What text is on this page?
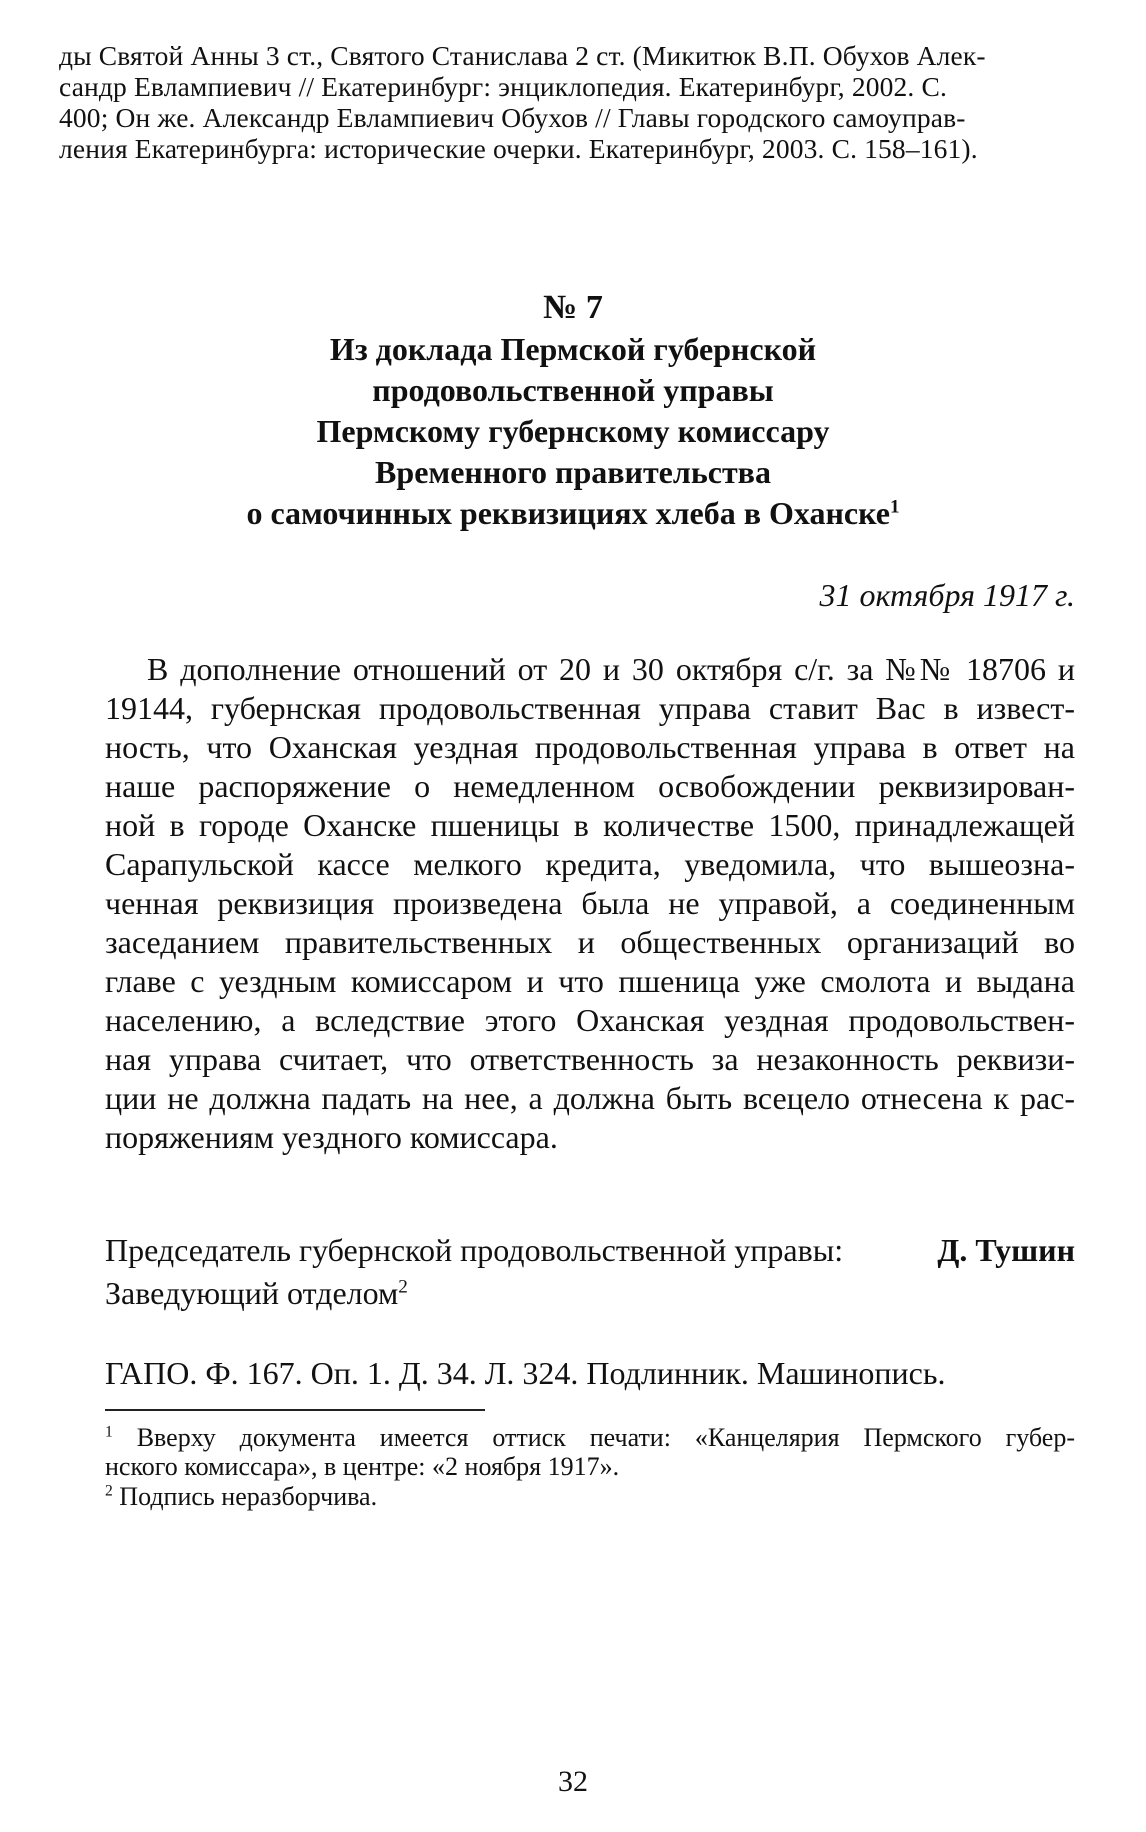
ды Святой Анны 3 ст., Святого Станислава 2 ст. (Микитюк В.П. Обухов Алек-
сандр Евлампиевич // Екатеринбург: энциклопедия. Екатеринбург, 2002. С.
400; Он же. Александр Евлампиевич Обухов // Главы городского самоуправ-
ления Екатеринбурга: исторические очерки. Екатеринбург, 2003. С. 158–161).
№ 7
Из доклада Пермской губернской
продовольственной управы
Пермскому губернскому комиссару
Временного правительства
о самочинных реквизициях хлеба в Оханске$^1$
31 октября 1917 г.
В дополнение отношений от 20 и 30 октября с/г. за №№ 18706 и
19144, губернская продовольственная управа ставит Вас в извест-
ность, что Оханская уездная продовольственная управа в ответ на
наше распоряжение о немедленном освобождении реквизирован-
ной в городе Оханске пшеницы в количестве 1500, принадлежащей
Сарапульской кассе мелкого кредита, уведомила, что вышеозна-
ченная реквизиция произведена была не управой, а соединенным
заседанием правительственных и общественных организаций во
главе с уездным комиссаром и что пшеница уже смолота и выдана
населению, а вследствие этого Оханская уездная продовольствен-
ная управа считает, что ответственность за незаконность реквизи-
ции не должна падать на нее, а должна быть всецело отнесена к рас-
поряжениям уездного комиссара.
Председатель губернской продовольственной управы:	Д. Тушин
Заведующий отделом$^2$
ГАПО. Ф. 167. Оп. 1. Д. 34. Л. 324. Подлинник. Машинопись.
$^1$ Вверху документа имеется оттиск печати: «Канцелярия Пермского губер-
нского комиссара», в центре: «2 ноября 1917».
$^2$ Подпись неразборчива.
32
